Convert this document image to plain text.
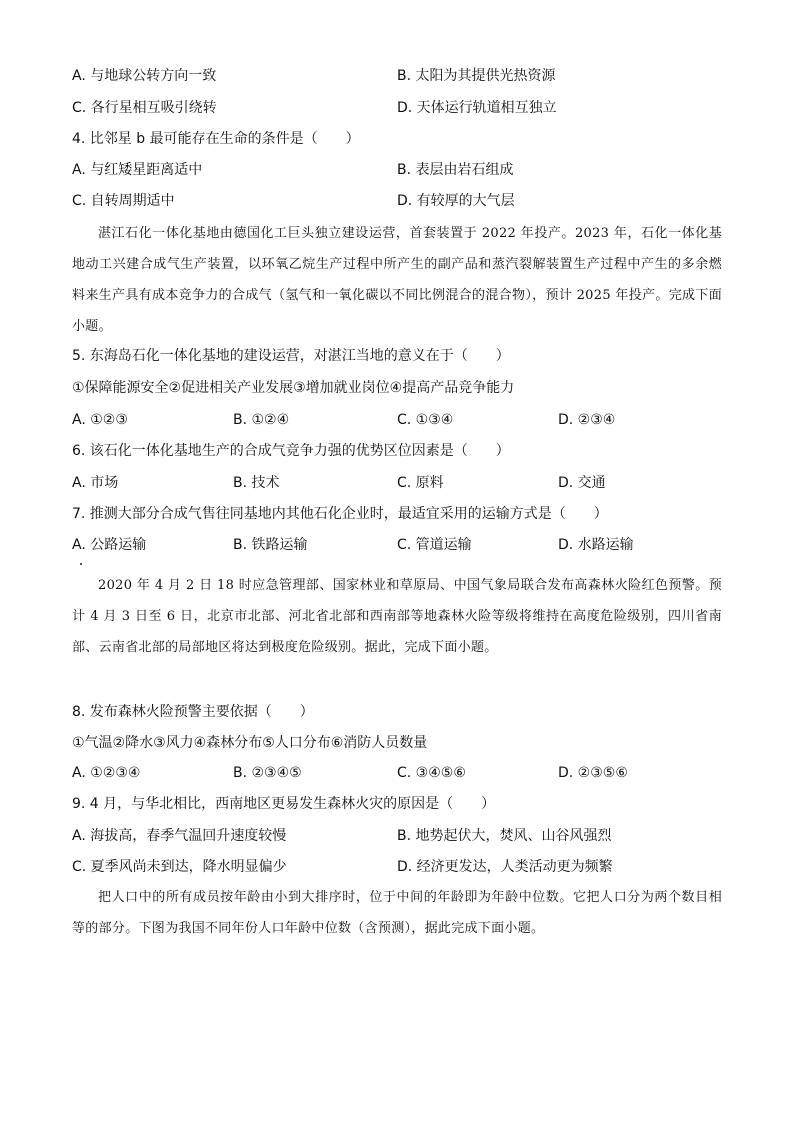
A. 与地球公转方向一致	B. 太阳为其提供光热资源
C. 各行星相互吸引绕转	D. 天体运行轨道相互独立
4. 比邻星 b 最可能存在生命的条件是（　　）
A. 与红矮星距离适中	B. 表层由岩石组成
C. 自转周期适中	D. 有较厚的大气层

湛江石化一体化基地由德国化工巨头独立建设运营，首套装置于 2022 年投产。2023 年，石化一体化基地动工兴建合成气生产装置，以环氧乙烷生产过程中所产生的副产品和蒸汽裂解装置生产过程中产生的多余燃料来生产具有成本竞争力的合成气（氢气和一氧化碳以不同比例混合的混合物），预计 2025 年投产。完成下面小题。

5. 东海岛石化一体化基地的建设运营，对湛江当地的意义在于（　　）
①保障能源安全②促进相关产业发展③增加就业岗位④提高产品竞争能力
A. ①②③	B. ①②④	C. ①③④	D. ②③④
6. 该石化一体化基地生产的合成气竞争力强的优势区位因素是（　　）
A. 市场	B. 技术	C. 原料	D. 交通
7. 推测大部分合成气售往同基地内其他石化企业时，最适宜采用的运输方式是（　　）
A. 公路运输	B. 铁路运输	C. 管道运输	D. 水路运输

2020 年 4 月 2 日 18 时应急管理部、国家林业和草原局、中国气象局联合发布高森林火险红色预警。预计 4 月 3 日至 6 日，北京市北部、河北省北部和西南部等地森林火险等级将维持在高度危险级别，四川省南部、云南省北部的局部地区将达到极度危险级别。据此，完成下面小题。

8. 发布森林火险预警主要依据（　　）
①气温②降水③风力④森林分布⑤人口分布⑥消防人员数量
A. ①②③④	B. ②③④⑤	C. ③④⑤⑥	D. ②③⑤⑥
9. 4 月，与华北相比，西南地区更易发生森林火灾的原因是（　　）
A. 海拔高，春季气温回升速度较慢	B. 地势起伏大，焚风、山谷风强烈
C. 夏季风尚未到达，降水明显偏少	D. 经济更发达，人类活动更为频繁

把人口中的所有成员按年龄由小到大排序时，位于中间的年龄即为年龄中位数。它把人口分为两个数目相等的部分。下图为我国不同年份人口年龄中位数（含预测），据此完成下面小题。
